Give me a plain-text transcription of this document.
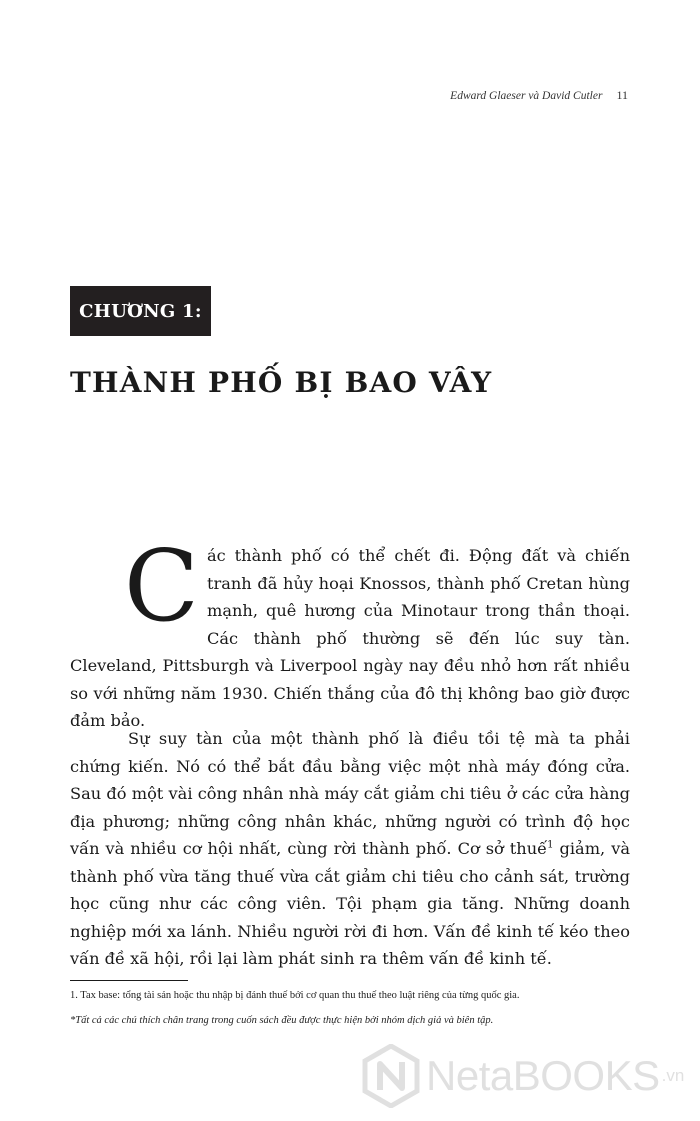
Edward Glaeser và David Cutler 11
CHƯƠNG 1:
THÀNH PHỐ BỊ BAO VÂY
Các thành phố có thể chết đi. Động đất và chiến tranh đã hủy hoại Knossos, thành phố Cretan hùng mạnh, quê hương của Minotaur trong thần thoại. Các thành phố thường sẽ đến lúc suy tàn. Cleveland, Pittsburgh và Liverpool ngày nay đều nhỏ hơn rất nhiều so với những năm 1930. Chiến thắng của đô thị không bao giờ được đảm bảo.
Sự suy tàn của một thành phố là điều tồi tệ mà ta phải chứng kiến. Nó có thể bắt đầu bằng việc một nhà máy đóng cửa. Sau đó một vài công nhân nhà máy cắt giảm chi tiêu ở các cửa hàng địa phương; những công nhân khác, những người có trình độ học vấn và nhiều cơ hội nhất, cùng rời thành phố. Cơ sở thuế$^1$ giảm, và thành phố vừa tăng thuế vừa cắt giảm chi tiêu cho cảnh sát, trường học cũng như các công viên. Tội phạm gia tăng. Những doanh nghiệp mới xa lánh. Nhiều người rời đi hơn. Vấn đề kinh tế kéo theo vấn đề xã hội, rồi lại làm phát sinh ra thêm vấn đề kinh tế.
1. Tax base: tổng tài sản hoặc thu nhập bị đánh thuế bởi cơ quan thu thuế theo luật riêng của từng quốc gia.
*Tất cả các chú thích chân trang trong cuốn sách đều được thực hiện bởi nhóm dịch giả và biên tập.
NetaBOOKS .vn
